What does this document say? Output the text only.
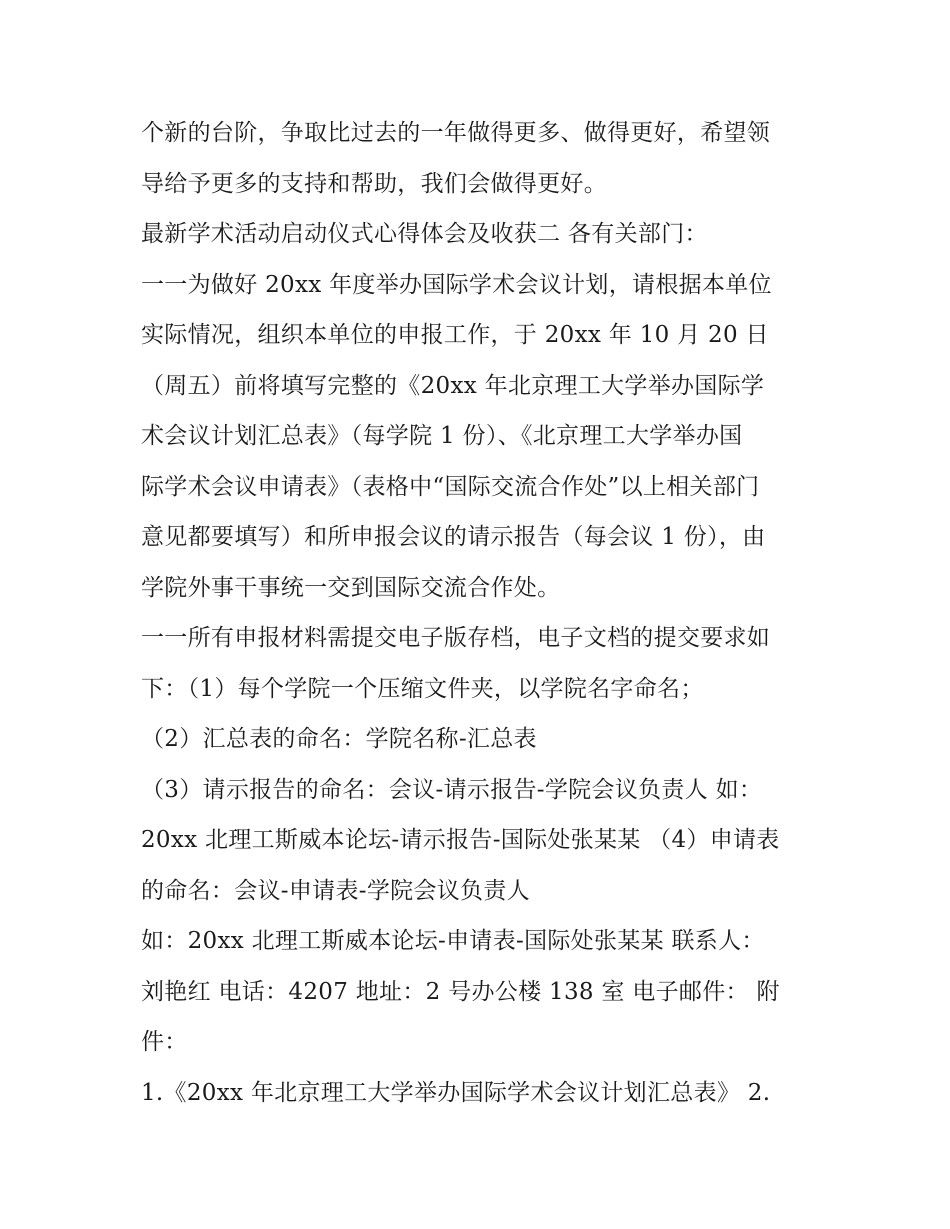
个新的台阶，争取比过去的一年做得更多、做得更好，希望领
导给予更多的支持和帮助，我们会做得更好。
最新学术活动启动仪式心得体会及收获二 各有关部门：
一一为做好 20xx 年度举办国际学术会议计划，请根据本单位
实际情况，组织本单位的申报工作，于 20xx 年 10 月 20 日
（周五）前将填写完整的《20xx 年北京理工大学举办国际学
术会议计划汇总表》（每学院 1 份）、《北京理工大学举办国
际学术会议申请表》（表格中“国际交流合作处”以上相关部门
意见都要填写）和所申报会议的请示报告（每会议 1 份），由
学院外事干事统一交到国际交流合作处。
一一所有申报材料需提交电子版存档，电子文档的提交要求如
下：（1）每个学院一个压缩文件夹，以学院名字命名；
（2）汇总表的命名：学院名称-汇总表
（3）请示报告的命名：会议-请示报告-学院会议负责人 如：
20xx 北理工斯威本论坛-请示报告-国际处张某某 （4）申请表
的命名：会议-申请表-学院会议负责人
如：20xx 北理工斯威本论坛-申请表-国际处张某某 联系人：
刘艳红 电话：4207 地址：2 号办公楼 138 室 电子邮件： 附
件：
1.《20xx 年北京理工大学举办国际学术会议计划汇总表》 2.
